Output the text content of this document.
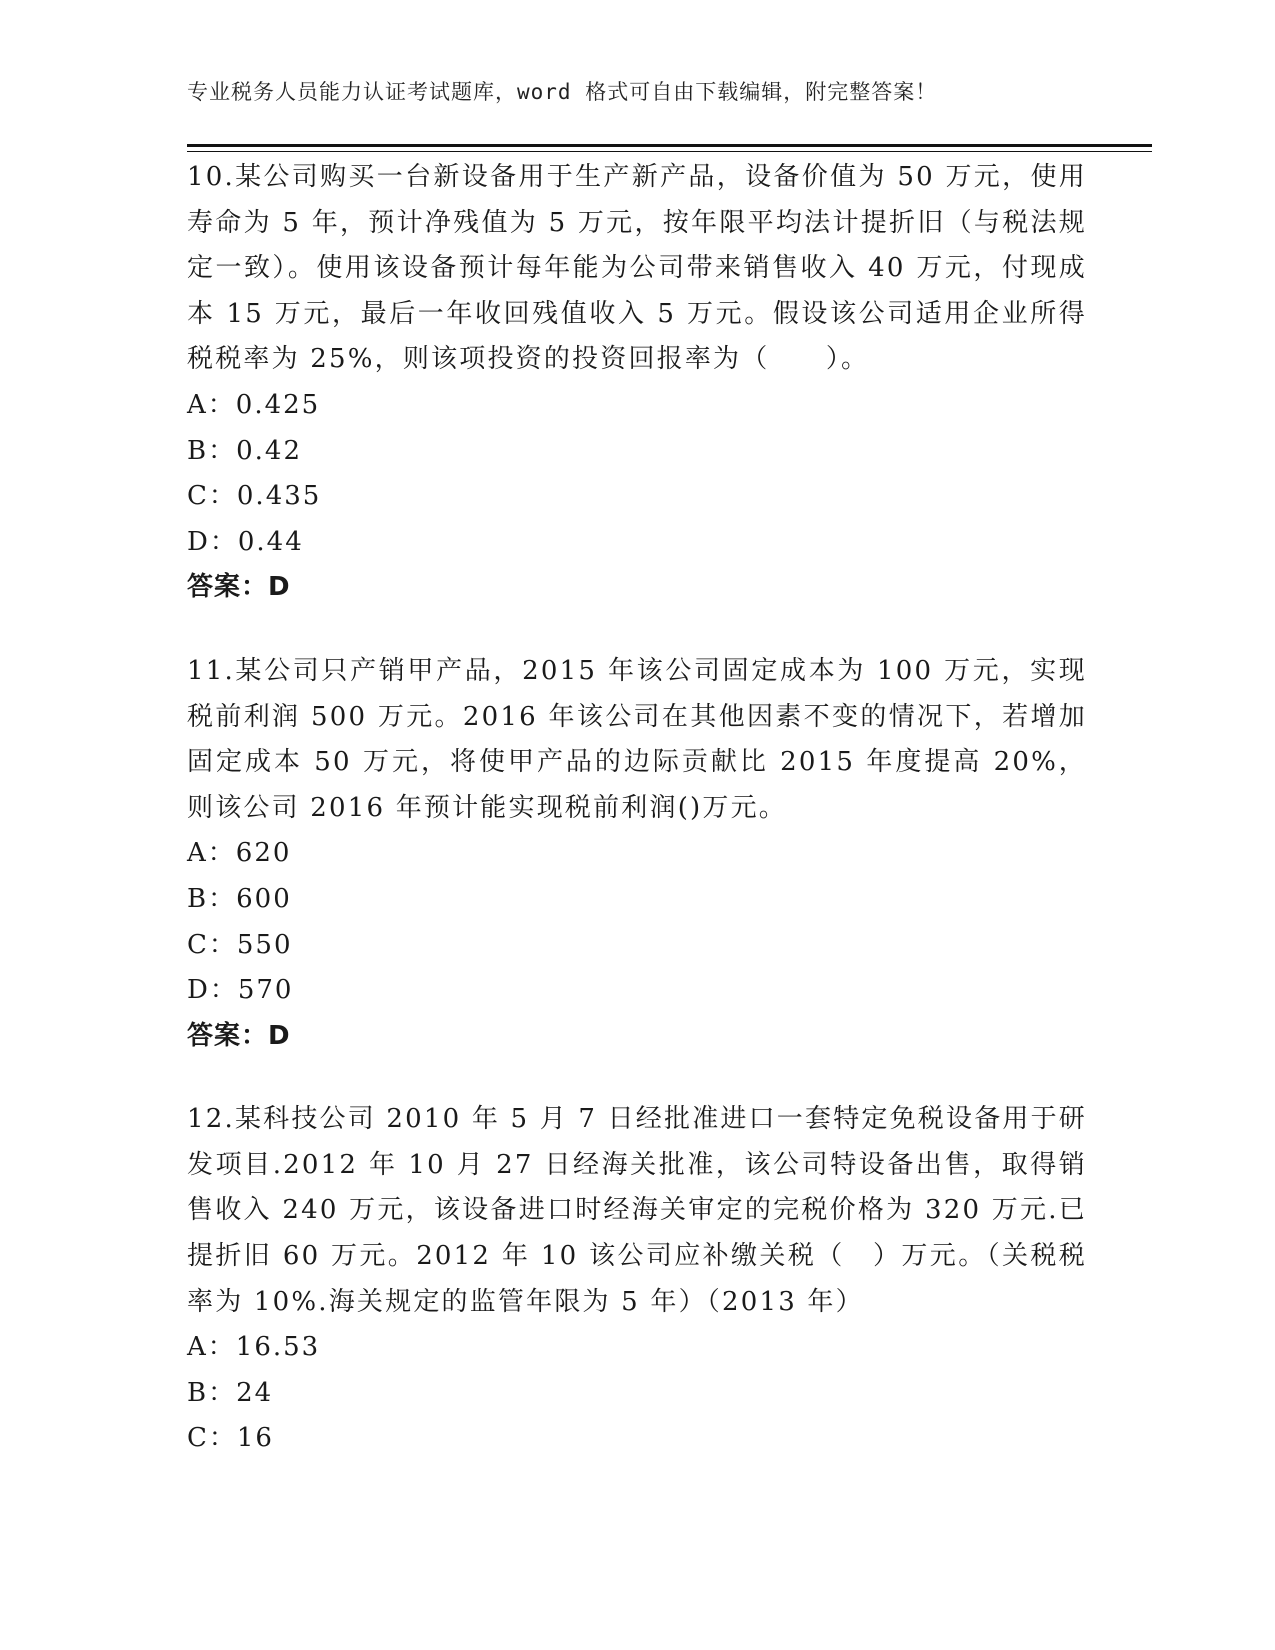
专业税务人员能力认证考试题库，word 格式可自由下载编辑，附完整答案！

10.某公司购买一台新设备用于生产新产品，设备价值为 50 万元，使用寿命为 5 年，预计净残值为 5 万元，按年限平均法计提折旧（与税法规定一致）。使用该设备预计每年能为公司带来销售收入 40 万元，付现成本 15 万元，最后一年收回残值收入 5 万元。假设该公司适用企业所得税税率为 25%，则该项投资的投资回报率为（　　）。

A：0.425
B：0.42
C：0.435
D：0.44

答案：D

11.某公司只产销甲产品，2015 年该公司固定成本为 100 万元，实现税前利润 500 万元。2016 年该公司在其他因素不变的情况下，若增加固定成本 50 万元，将使甲产品的边际贡献比 2015 年度提高 20%，则该公司 2016 年预计能实现税前利润()万元。

A：620
B：600
C：550
D：570

答案：D

12.某科技公司 2010 年 5 月 7 日经批准进口一套特定免税设备用于研发项目.2012 年 10 月 27 日经海关批准，该公司特设备出售，取得销售收入 240 万元，该设备进口时经海关审定的完税价格为 320 万元.已提折旧 60 万元。2012 年 10 该公司应补缴关税（　）万元。（关税税率为 10%.海关规定的监管年限为 5 年）（2013 年）

A：16.53
B：24
C：16
